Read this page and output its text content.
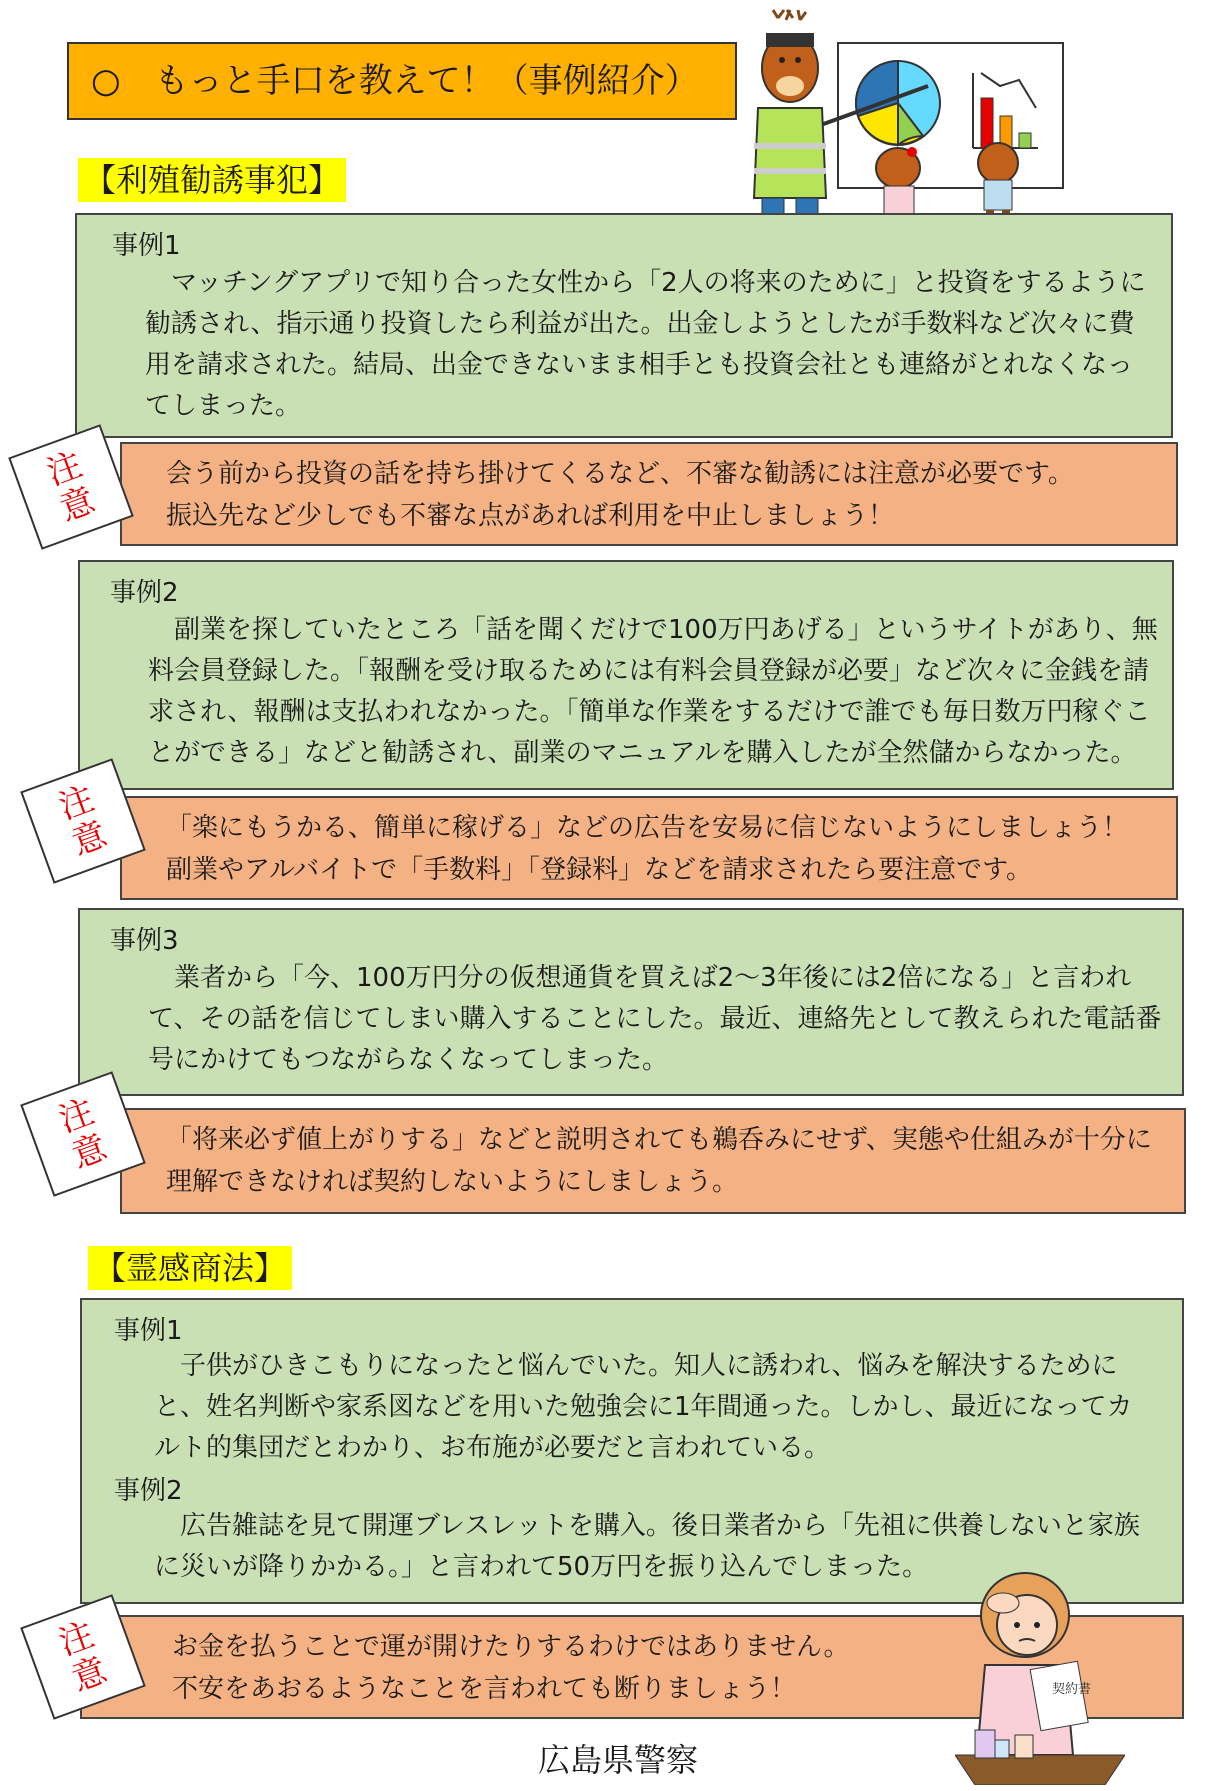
○　もっと手口を教えて！（事例紹介）
【利殖勧誘事犯】
事例1
マッチングアプリで知り合った女性から「2人の将来のために」と投資をするように勧誘され、指示通り投資したら利益が出た。出金しようとしたが手数料など次々に費用を請求された。結局、出金できないまま相手とも投資会社とも連絡がとれなくなってしまった。
会う前から投資の話を持ち掛けてくるなど、不審な勧誘には注意が必要です。
振込先など少しでも不審な点があれば利用を中止しましょう！
注
意
事例2
副業を探していたところ「話を聞くだけで100万円あげる」というサイトがあり、無料会員登録した。「報酬を受け取るためには有料会員登録が必要」など次々に金銭を請求され、報酬は支払われなかった。「簡単な作業をするだけで誰でも毎日数万円稼ぐことができる」などと勧誘され、副業のマニュアルを購入したが全然儲からなかった。
「楽にもうかる、簡単に稼げる」などの広告を安易に信じないようにしましょう！
副業やアルバイトで「手数料」「登録料」などを請求されたら要注意です。
注
意
事例3
業者から「今、100万円分の仮想通貨を買えば2～3年後には2倍になる」と言われて、その話を信じてしまい購入することにした。最近、連絡先として教えられた電話番号にかけてもつながらなくなってしまった。
「将来必ず値上がりする」などと説明されても鵜呑みにせず、実態や仕組みが十分に
理解できなければ契約しないようにしましょう。
注
意
【霊感商法】
事例1
子供がひきこもりになったと悩んでいた。知人に誘われ、悩みを解決するためにと、姓名判断や家系図などを用いた勉強会に1年間通った。しかし、最近になってカルト的集団だとわかり、お布施が必要だと言われている。
事例2
広告雑誌を見て開運ブレスレットを購入。後日業者から「先祖に供養しないと家族に災いが降りかかる。」と言われて50万円を振り込んでしまった。
お金を払うことで運が開けたりするわけではありません。
不安をあおるようなことを言われても断りましょう！
注
意	契約書
広島県警察
